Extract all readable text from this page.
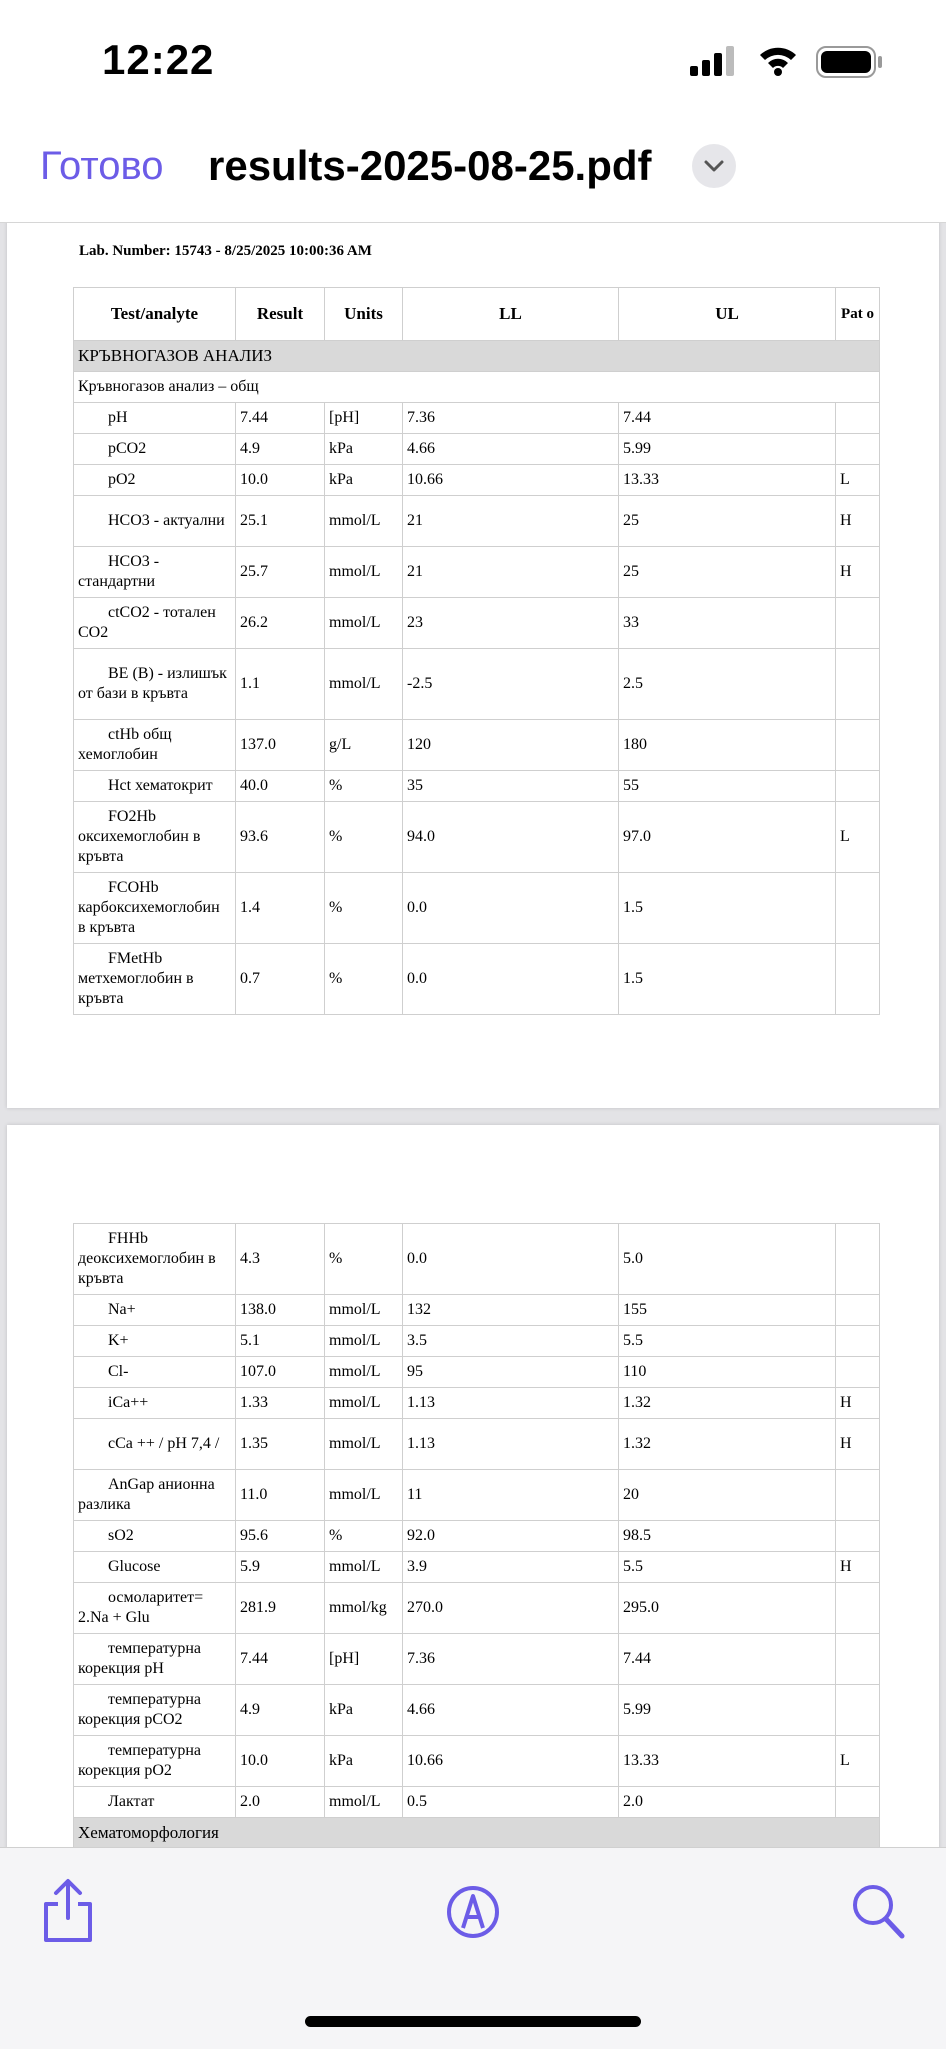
12:22
Готово results-2025-08-25.pdf
Lab. Number: 15743 - 8/25/2025 10:00:36 AM
Test/analyte	Result	Units	LL	UL	Pat o
КРЪВНОГАЗОВ АНАЛИЗ					
Кръвногазов анализ – общ					
pH	7.44	[pH]	7.36	7.44	
pCO2	4.9	kPa	4.66	5.99	
pO2	10.0	kPa	10.66	13.33	L
HCO3 - актуални	25.1	mmol/L	21	25	H
HCO3 - стандартни	25.7	mmol/L	21	25	H
ctCO2 - тотален CO2	26.2	mmol/L	23	33	
BE (B) - излишък от бази в кръвта	1.1	mmol/L	-2.5	2.5	
ctHb общ хемоглобин	137.0	g/L	120	180	
Hct хематокрит	40.0	%	35	55	
FO2Hb оксихемоглобин в кръвта	93.6	%	94.0	97.0	L
FCOHb карбоксихемоглобин в кръвта	1.4	%	0.0	1.5	
FMetHb метхемоглобин в кръвта	0.7	%	0.0	1.5	
FHHb деоксихемоглобин в кръвта	4.3	%	0.0	5.0	
Na+	138.0	mmol/L	132	155	
K+	5.1	mmol/L	3.5	5.5	
Cl-	107.0	mmol/L	95	110	
iCa++	1.33	mmol/L	1.13	1.32	H
cCa ++ / pH 7,4 /	1.35	mmol/L	1.13	1.32	H
AnGap анионна разлика	11.0	mmol/L	11	20	
sO2	95.6	%	92.0	98.5	
Glucose	5.9	mmol/L	3.9	5.5	H
осмоларитет= 2.Na + Glu	281.9	mmol/kg	270.0	295.0	
температурна корекция pH	7.44	[pH]	7.36	7.44	
температурна корекция pCO2	4.9	kPa	4.66	5.99	
температурна корекция pO2	10.0	kPa	10.66	13.33	L
Лактат	2.0	mmol/L	0.5	2.0	
Хематоморфология					
